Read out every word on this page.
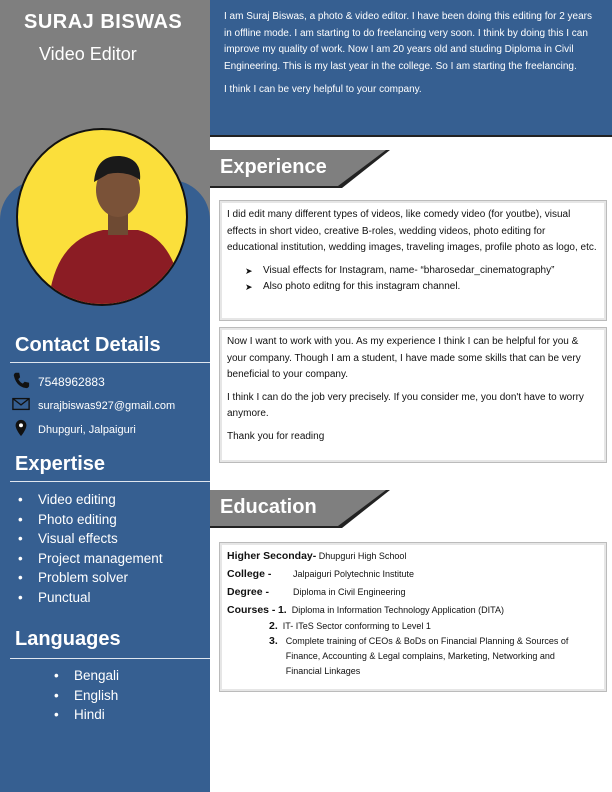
SURAJ BISWAS
Video Editor
Contact Details
7548962883
surajbiswas927@gmail.com
Dhupguri, Jalpaiguri
Expertise
• Video editing
• Photo editing
• Visual effects
• Project management
• Problem solver
• Punctual
Languages
• Bengali
• English
• Hindi

I am Suraj Biswas, a photo & video editor. I have been doing this editing for 2 years in offline mode. I am starting to do freelancing very soon. I think by doing this I can improve my quality of work. Now I am 20 years old and studing Diploma in Civil Engineering. This is my last year in the college. So I am starting the freelancing.

I think I can be very helpful to your company.

Experience

I did edit many different types of videos, like comedy video (for youtbe), visual effects in short video, creative B-roles, wedding videos, photo editing for educational institution, wedding images, traveling images, profile photo as logo, etc.

➤ Visual effects for Instagram, name- “bharosedar_cinematography”
➤ Also photo editng for this instagram channel.

Now I want to work with you. As my experience I think I can be helpful for you & your company. Though I am a student, I have made some skills that can be very beneficial to your company.

I think I can do the job very precisely. If you consider me, you don't have to worry anymore.

Thank you for reading

Education
Higher Seconday- Dhupguri High School
College - Jalpaiguri Polytechnic Institute
Degree -	Diploma in Civil Engineering
Courses - 1. Diploma in Information Technology Application (DITA)
2. IT- ITeS Sector conforming to Level 1
3. Complete training of CEOs & BoDs on Financial Planning & Sources of Finance, Accounting & Legal complains, Marketing, Networking and Financial Linkages
